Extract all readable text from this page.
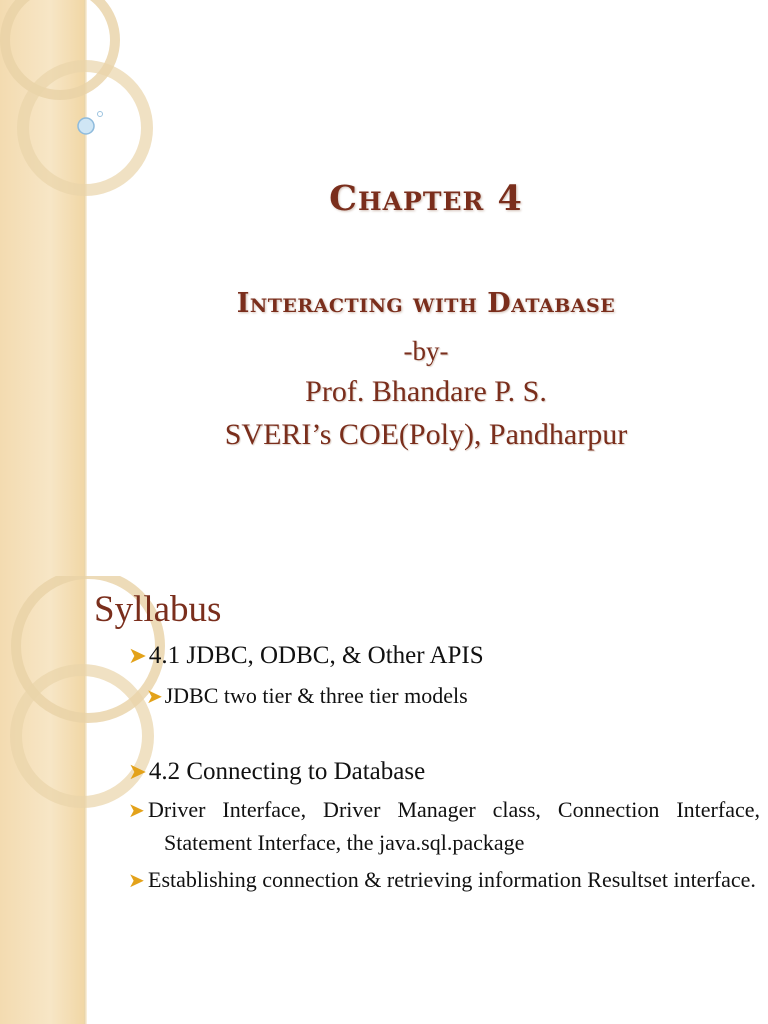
Chapter 4
Interacting with Database
-by-
Prof. Bhandare P. S.
SVERI’s COE(Poly), Pandharpur
Syllabus
➤4.1 JDBC, ODBC, & Other APIS
➤JDBC two tier & three tier models
➤4.2 Connecting to Database
➤ Driver Interface, Driver Manager class, Connection Interface, Statement Interface, the java.sql.package
➤ Establishing connection & retrieving information Resultset interface.
